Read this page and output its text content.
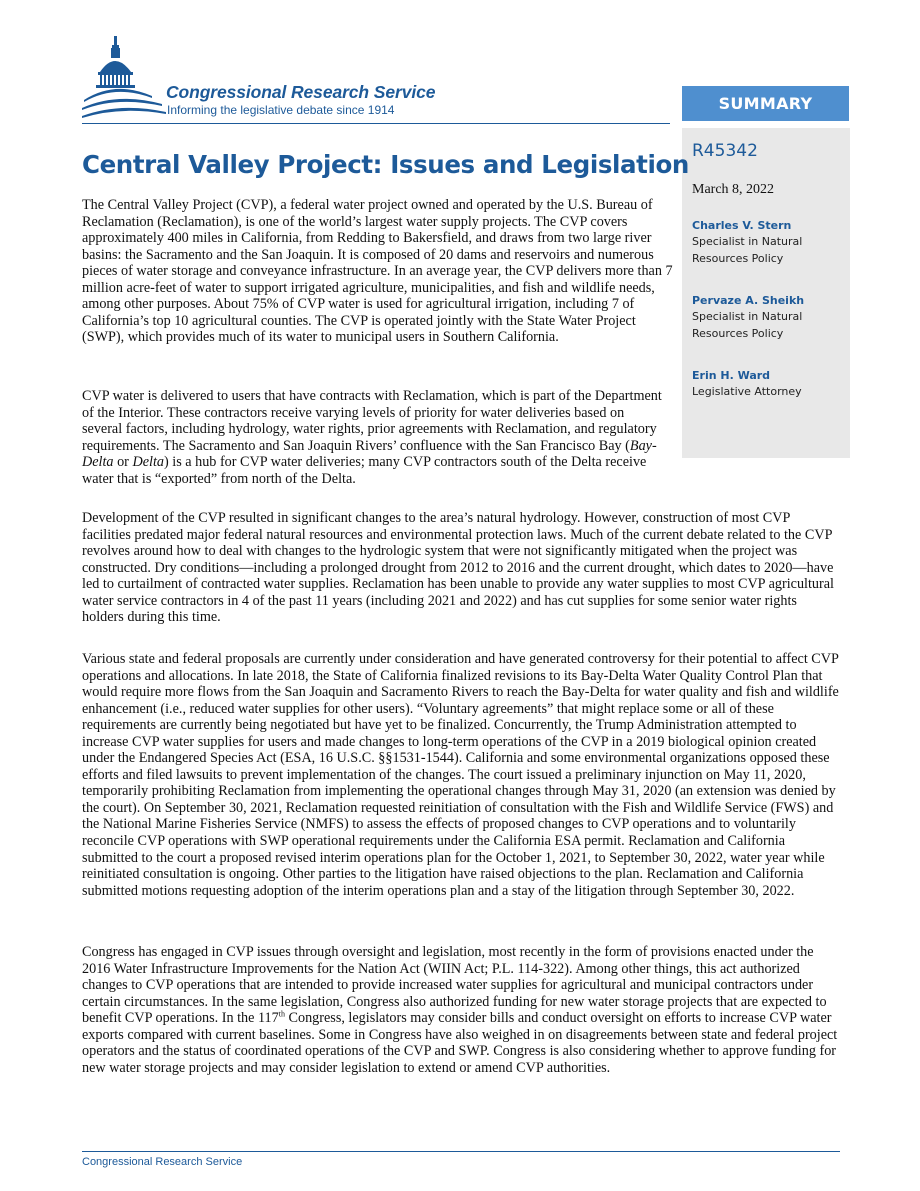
Congressional Research Service
Informing the legislative debate since 1914	SUMMARY
R45342
March 8, 2022
Charles V. Stern
Specialist in Natural Resources Policy
Pervaze A. Sheikh
Specialist in Natural Resources Policy
Erin H. Ward
Legislative Attorney
Central Valley Project: Issues and Legislation

The Central Valley Project (CVP), a federal water project owned and operated by the U.S. Bureau of Reclamation (Reclamation), is one of the world’s largest water supply projects. The CVP covers approximately 400 miles in California, from Redding to Bakersfield, and draws from two large river basins: the Sacramento and the San Joaquin. It is composed of 20 dams and reservoirs and numerous pieces of water storage and conveyance infrastructure. In an average year, the CVP delivers more than 7 million acre-feet of water to support irrigated agriculture, municipalities, and fish and wildlife needs, among other purposes. About 75% of CVP water is used for agricultural irrigation, including 7 of California’s top 10 agricultural counties. The CVP is operated jointly with the State Water Project (SWP), which provides much of its water to municipal users in Southern California.

CVP water is delivered to users that have contracts with Reclamation, which is part of the Department of the Interior. These contractors receive varying levels of priority for water deliveries based on several factors, including hydrology, water rights, prior agreements with Reclamation, and regulatory requirements. The Sacramento and San Joaquin Rivers’ confluence with the San Francisco Bay (Bay-Delta or Delta) is a hub for CVP water deliveries; many CVP contractors south of the Delta receive water that is “exported” from north of the Delta.

Development of the CVP resulted in significant changes to the area’s natural hydrology. However, construction of most CVP facilities predated major federal natural resources and environmental protection laws. Much of the current debate related to the CVP revolves around how to deal with changes to the hydrologic system that were not significantly mitigated when the project was constructed. Dry conditions—including a prolonged drought from 2012 to 2016 and the current drought, which dates to 2020—have led to curtailment of contracted water supplies. Reclamation has been unable to provide any water supplies to most CVP agricultural water service contractors in 4 of the past 11 years (including 2021 and 2022) and has cut supplies for some senior water rights holders during this time.

Various state and federal proposals are currently under consideration and have generated controversy for their potential to affect CVP operations and allocations. In late 2018, the State of California finalized revisions to its Bay-Delta Water Quality Control Plan that would require more flows from the San Joaquin and Sacramento Rivers to reach the Bay-Delta for water quality and fish and wildlife enhancement (i.e., reduced water supplies for other users). “Voluntary agreements” that might replace some or all of these requirements are currently being negotiated but have yet to be finalized. Concurrently, the Trump Administration attempted to increase CVP water supplies for users and made changes to long-term operations of the CVP in a 2019 biological opinion created under the Endangered Species Act (ESA, 16 U.S.C. §§1531-1544). California and some environmental organizations opposed these efforts and filed lawsuits to prevent implementation of the changes. The court issued a preliminary injunction on May 11, 2020, temporarily prohibiting Reclamation from implementing the operational changes through May 31, 2020 (an extension was denied by the court). On September 30, 2021, Reclamation requested reinitiation of consultation with the Fish and Wildlife Service (FWS) and the National Marine Fisheries Service (NMFS) to assess the effects of proposed changes to CVP operations and to voluntarily reconcile CVP operations with SWP operational requirements under the California ESA permit. Reclamation and California submitted to the court a proposed revised interim operations plan for the October 1, 2021, to September 30, 2022, water year while reinitiated consultation is ongoing. Other parties to the litigation have raised objections to the plan. Reclamation and California submitted motions requesting adoption of the interim operations plan and a stay of the litigation through September 30, 2022.

Congress has engaged in CVP issues through oversight and legislation, most recently in the form of provisions enacted under the 2016 Water Infrastructure Improvements for the Nation Act (WIIN Act; P.L. 114-322). Among other things, this act authorized changes to CVP operations that are intended to provide increased water supplies for agricultural and municipal contractors under certain circumstances. In the same legislation, Congress also authorized funding for new water storage projects that are expected to benefit CVP operations. In the 117th Congress, legislators may consider bills and conduct oversight on efforts to increase CVP water exports compared with current baselines. Some in Congress have also weighed in on disagreements between state and federal project operators and the status of coordinated operations of the CVP and SWP. Congress is also considering whether to approve funding for new water storage projects and may consider legislation to extend or amend CVP authorities.

Congressional Research Service
